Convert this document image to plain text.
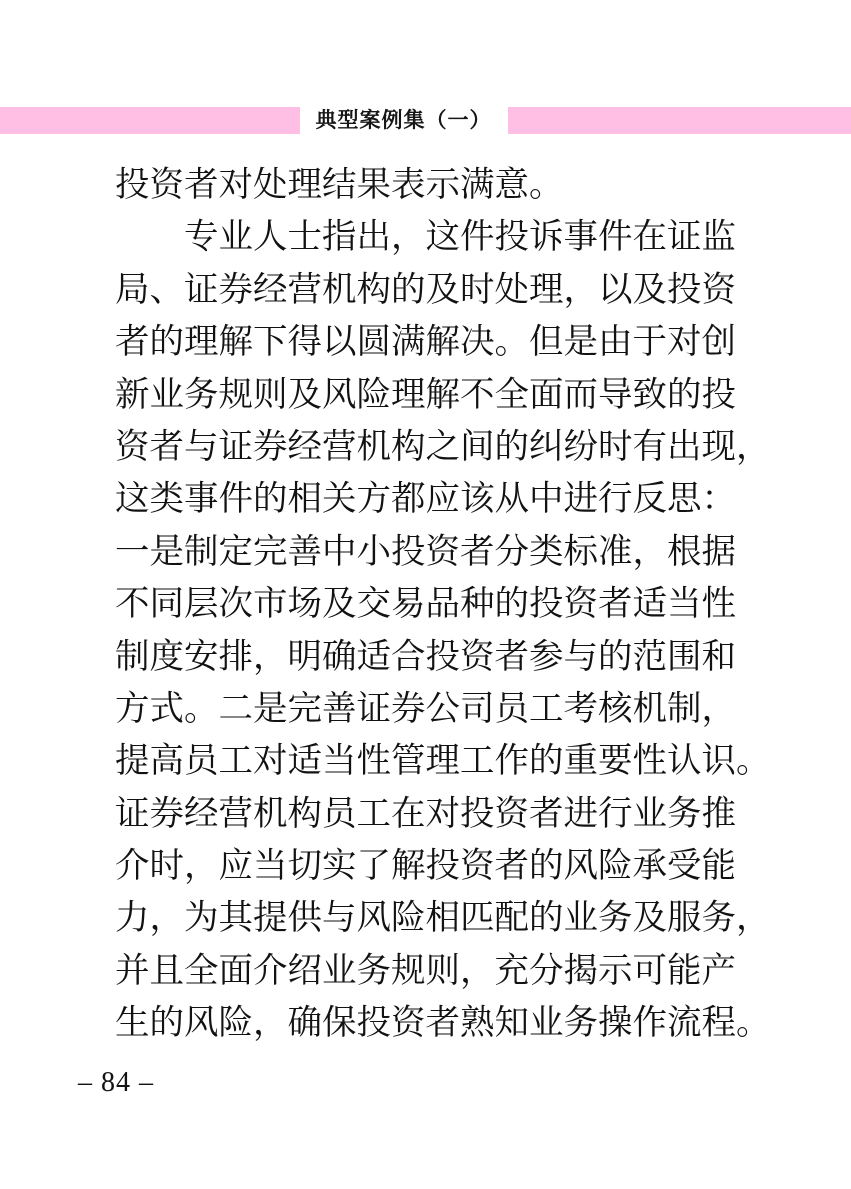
典型案例集（一）
投资者对处理结果表示满意。
专业人士指出，这件投诉事件在证监
局、证券经营机构的及时处理，以及投资
者的理解下得以圆满解决。但是由于对创
新业务规则及风险理解不全面而导致的投
资者与证券经营机构之间的纠纷时有出现，
这类事件的相关方都应该从中进行反思：
一是制定完善中小投资者分类标准，根据
不同层次市场及交易品种的投资者适当性
制度安排，明确适合投资者参与的范围和
方式。二是完善证券公司员工考核机制，
提高员工对适当性管理工作的重要性认识。
证券经营机构员工在对投资者进行业务推
介时，应当切实了解投资者的风险承受能
力，为其提供与风险相匹配的业务及服务，
并且全面介绍业务规则，充分揭示可能产
生的风险，确保投资者熟知业务操作流程。
– 84 –
